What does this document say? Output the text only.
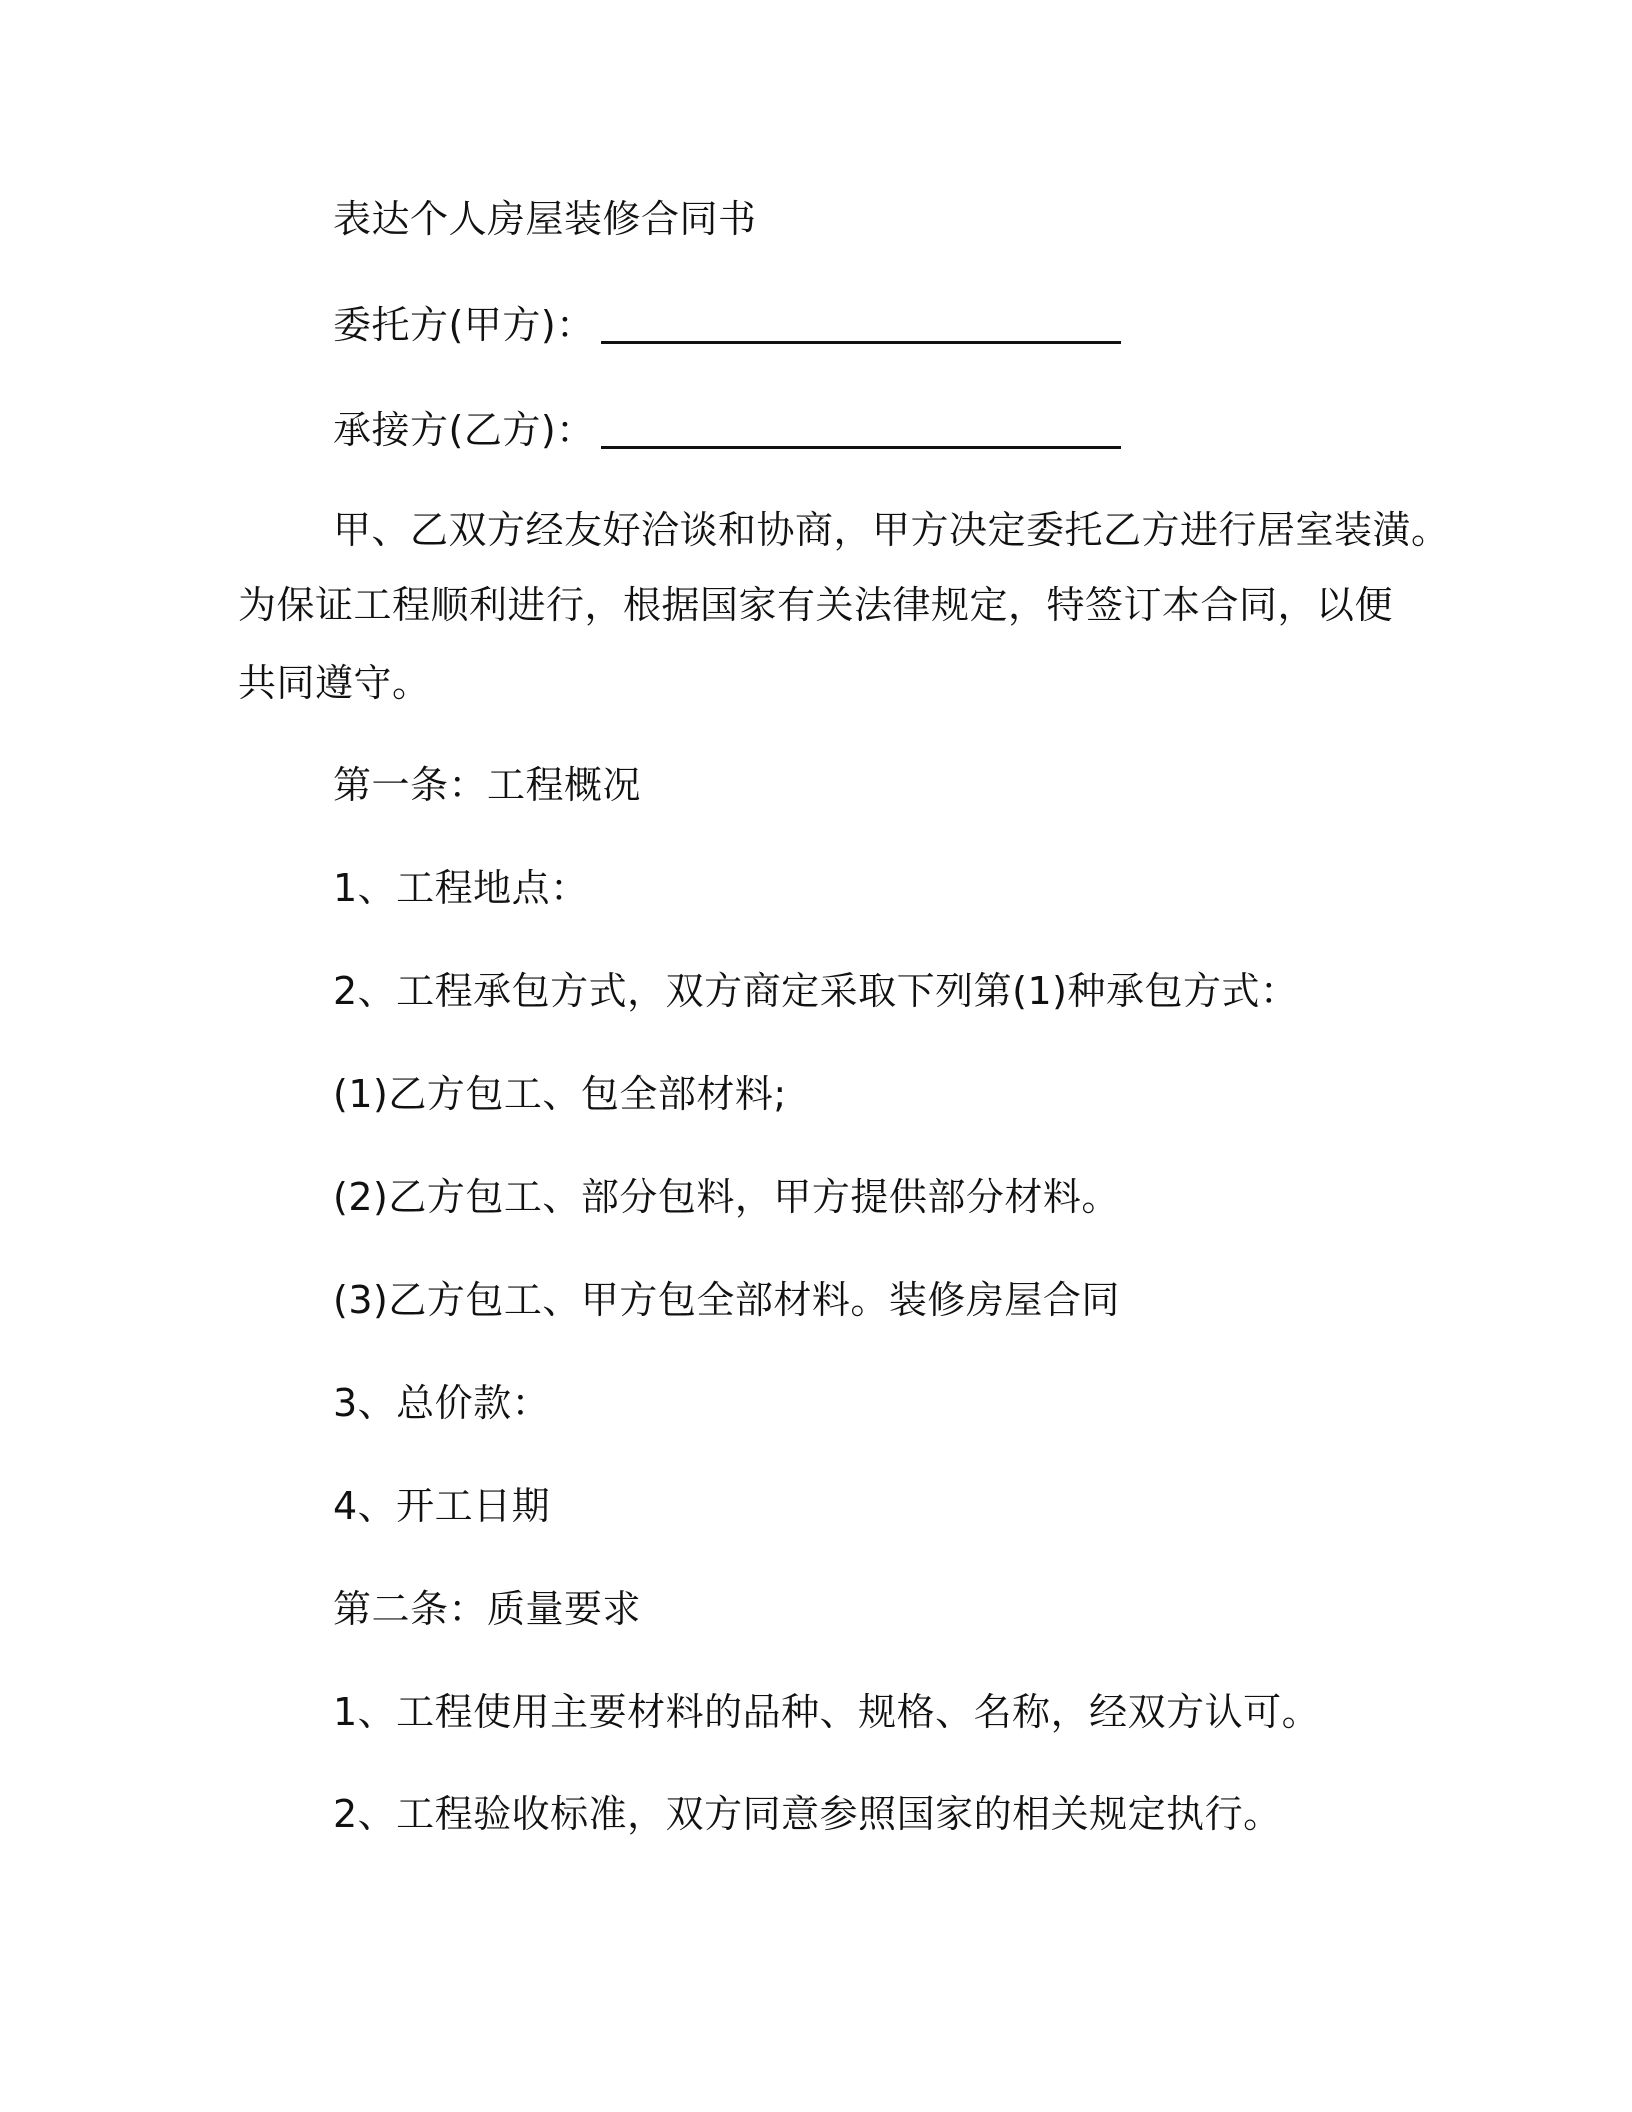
表达个人房屋装修合同书
委托方(甲方)：
承接方(乙方)：
甲、乙双方经友好洽谈和协商，甲方决定委托乙方进行居室装潢。
为保证工程顺利进行，根据国家有关法律规定，特签订本合同，以便
共同遵守。
第一条：工程概况
1、工程地点：
2、工程承包方式，双方商定采取下列第(1)种承包方式：
(1)乙方包工、包全部材料;
(2)乙方包工、部分包料，甲方提供部分材料。
(3)乙方包工、甲方包全部材料。装修房屋合同
3、总价款：
4、开工日期
第二条：质量要求
1、工程使用主要材料的品种、规格、名称，经双方认可。
2、工程验收标准，双方同意参照国家的相关规定执行。
